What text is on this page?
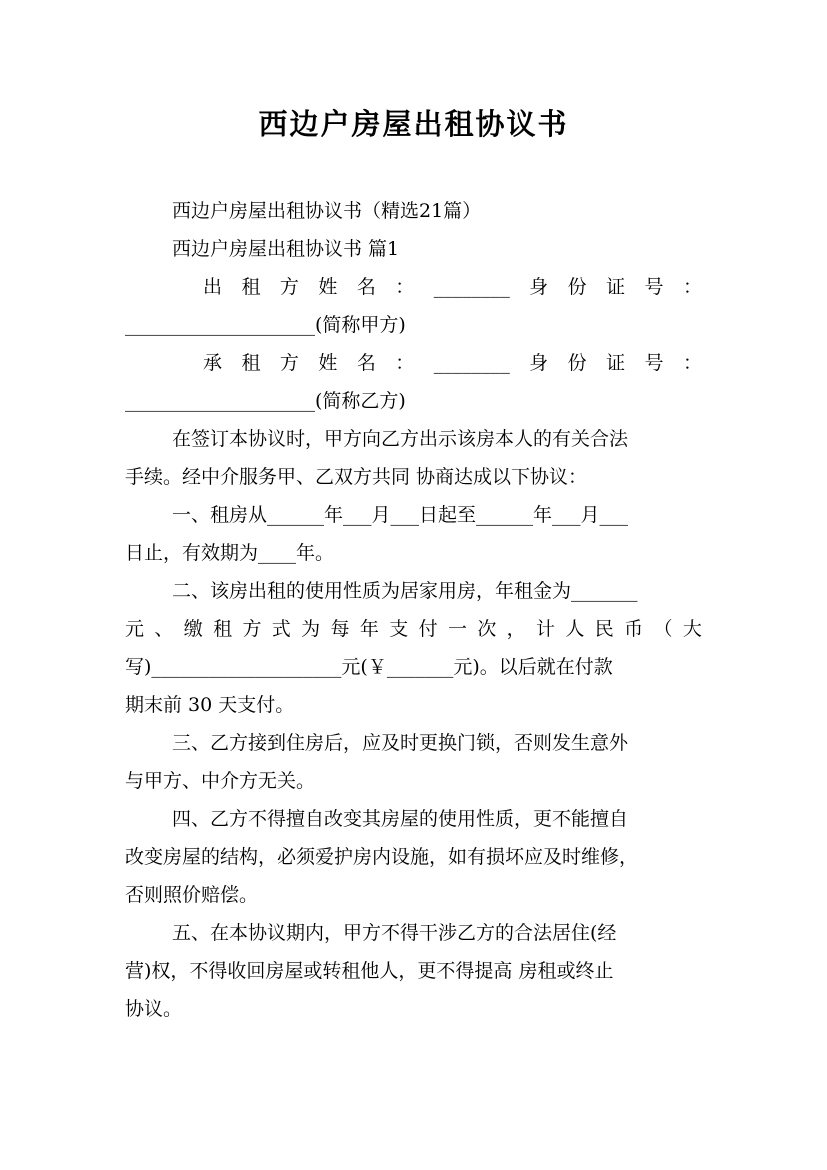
西边户房屋出租协议书
西边户房屋出租协议书（精选21篇）
西边户房屋出租协议书 篇1
出 租 方 姓 名 ： ________ 身 份 证 号 ：
____________________(简称甲方)
承 租 方 姓 名 ： ________ 身 份 证 号 ：
____________________(简称乙方)
在签订本协议时，甲方向乙方出示该房本人的有关合法
手续。经中介服务甲、乙双方共同 协商达成以下协议：
一、租房从______年___月___日起至______年___月___
日止，有效期为____年。
二、该房出租的使用性质为居家用房，年租金为_______
元 、 缴 租 方 式 为 每 年 支 付 一 次 ， 计 人 民 币 （ 大
写)____________________元(￥_______元)。以后就在付款
期末前 30 天支付。
三、乙方接到住房后，应及时更换门锁，否则发生意外
与甲方、中介方无关。
四、乙方不得擅自改变其房屋的使用性质，更不能擅自
改变房屋的结构，必须爱护房内设施，如有损坏应及时维修，
否则照价赔偿。
五、在本协议期内，甲方不得干涉乙方的合法居住(经
营)权，不得收回房屋或转租他人，更不得提高 房租或终止
协议。
